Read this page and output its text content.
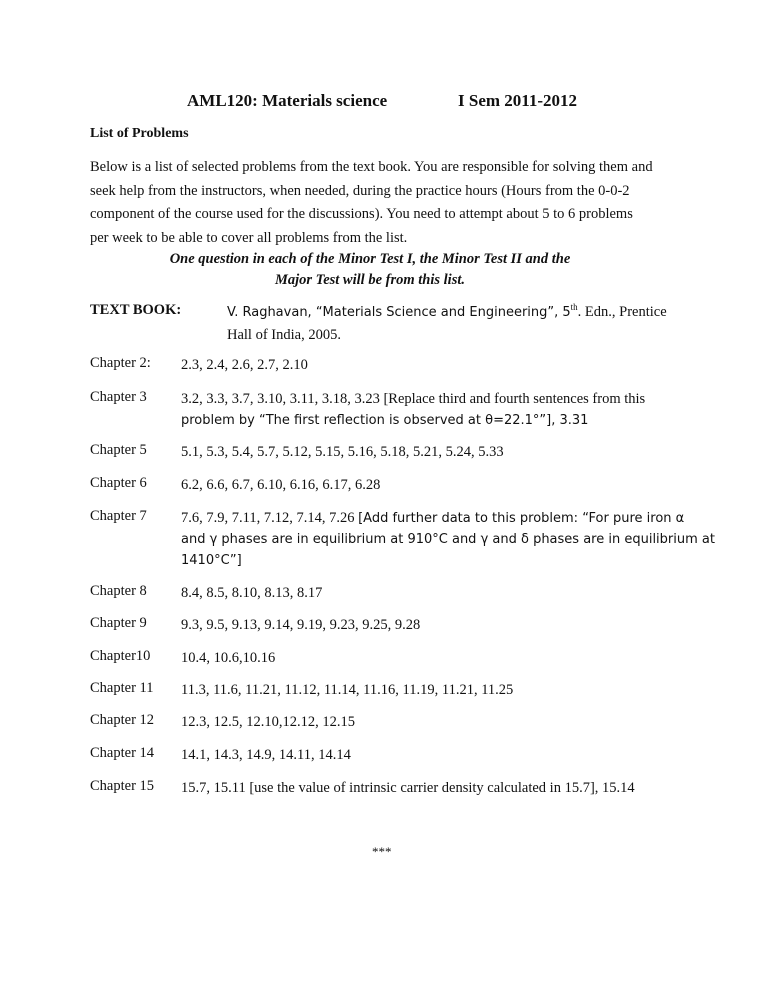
AML120: Materials science	I Sem 2011-2012
List of Problems
Below is a list of selected problems from the text book. You are responsible for solving them and
seek help from the instructors, when needed, during the practice hours (Hours from the 0-0-2
component of the course used for the discussions). You need to attempt about 5 to 6 problems
per week to be able to cover all problems from the list.
One question in each of the Minor Test I, the Minor Test II and the
Major Test will be from this list.
TEXT BOOK:	V. Raghavan, “Materials Science and Engineering”, 5th. Edn., Prentice
Hall of India, 2005.
Chapter 2: 2.3, 2.4, 2.6, 2.7, 2.10
Chapter 3 3.2, 3.3, 3.7, 3.10, 3.11, 3.18, 3.23 [Replace third and fourth sentences from this
problem by “The first reflection is observed at θ=22.1°”], 3.31
Chapter 5 5.1, 5.3, 5.4, 5.7, 5.12, 5.15, 5.16, 5.18, 5.21, 5.24, 5.33
Chapter 6 6.2, 6.6, 6.7, 6.10, 6.16, 6.17, 6.28
Chapter 7 7.6, 7.9, 7.11, 7.12, 7.14, 7.26 [Add further data to this problem: “For pure iron α
and γ phases are in equilibrium at 910°C and γ and δ phases are in equilibrium at
1410°C”]
Chapter 8 8.4, 8.5, 8.10, 8.13, 8.17
Chapter 9 9.3, 9.5, 9.13, 9.14, 9.19, 9.23, 9.25, 9.28
Chapter10 10.4, 10.6,10.16
Chapter 11 11.3, 11.6, 11.21, 11.12, 11.14, 11.16, 11.19, 11.21, 11.25
Chapter 12 12.3, 12.5, 12.10,12.12, 12.15
Chapter 14 14.1, 14.3, 14.9, 14.11, 14.14
Chapter 15 15.7, 15.11 [use the value of intrinsic carrier density calculated in 15.7], 15.14
***
